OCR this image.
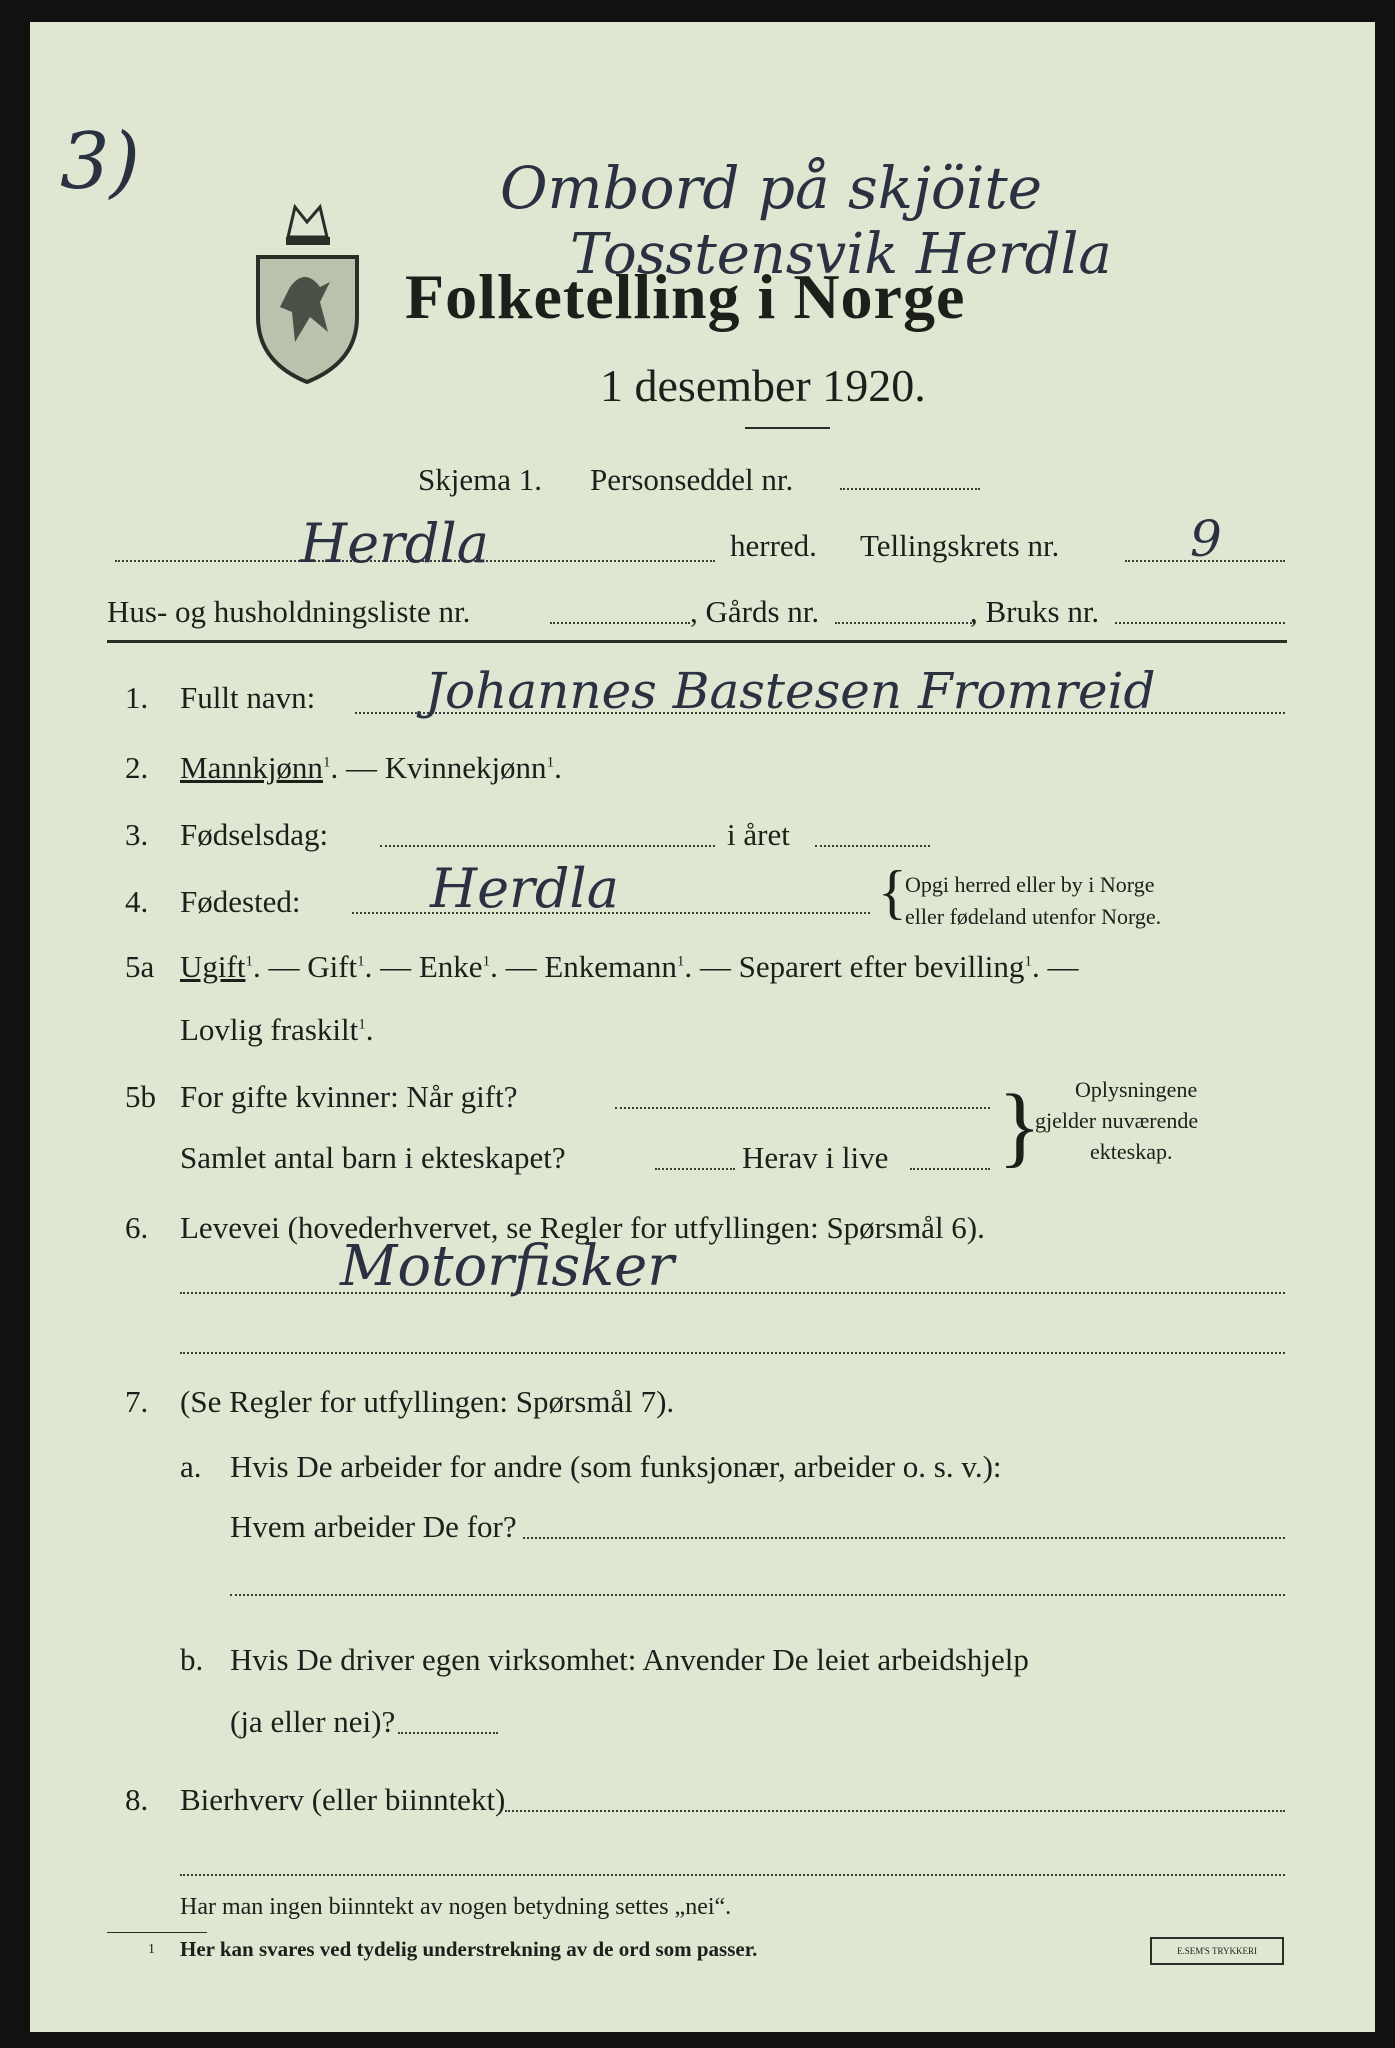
3)	Ombord på skjöite
Tosstensvik Herdla
Folketelling i Norge
1 desember 1920.
Skjema 1. Personseddel nr.
Herdla	herred. Tellingskrets nr.	9
Hus- og husholdningsliste nr.	, Gårds nr.	, Bruks nr.
1. Fullt navn: Johannes Bastesen Fromreid
2. Mannkjønn$^1$. — Kvinnekjønn$^1$.
3. Fødselsdag:	i året
4. Fødested: Herdla	{
Opgi herred eller by i Norge
eller fødeland utenfor Norge.
5a Ugift$^1$. — Gift$^1$. — Enke$^1$. — Enkemann$^1$. — Separert efter bevilling$^1$. —
Lovlig fraskilt$^1$.
5b For gifte kvinner: Når gift?
Samlet antal barn i ekteskapet?	Herav i live } Oplysningene
gjelder nuværende
ekteskap.
6. Levevei (hovederhvervet, se Regler for utfyllingen: Spørsmål 6).
Motorfisker
7. (Se Regler for utfyllingen: Spørsmål 7).
a. Hvis De arbeider for andre (som funksjonær, arbeider o. s. v.):
Hvem arbeider De for?
b. Hvis De driver egen virksomhet: Anvender De leiet arbeidshjelp
(ja eller nei)?
8. Bierhverv (eller biinntekt)
Har man ingen biinntekt av nogen betydning settes „nei“.
1 Her kan svares ved tydelig understrekning av de ord som passer.	E.SEM'S TRYKKERI
